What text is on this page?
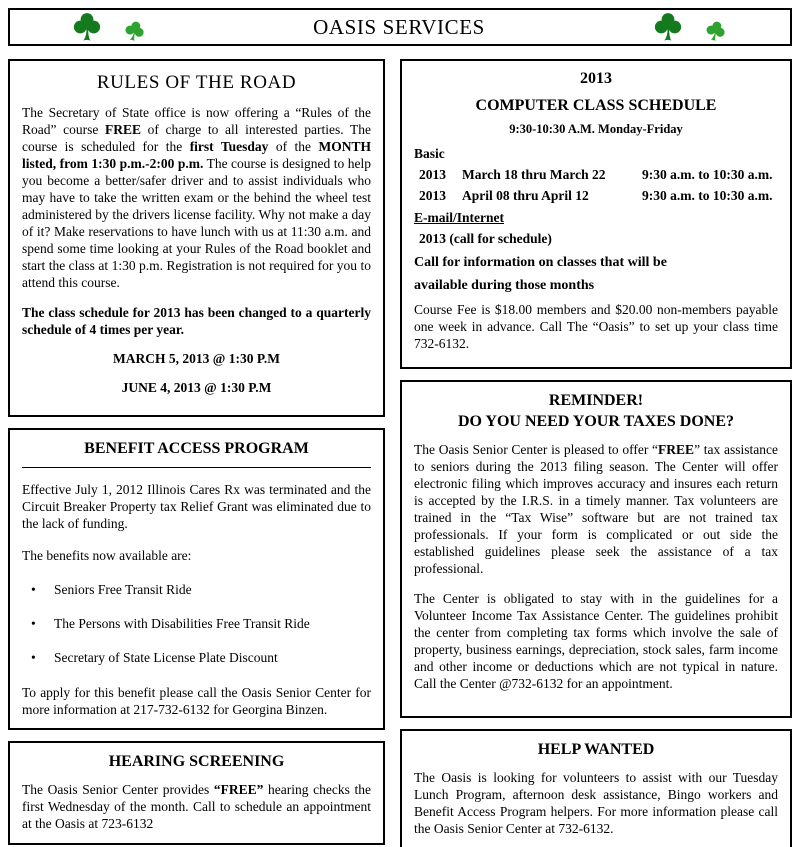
OASIS SERVICES
RULES OF THE ROAD

The Secretary of State office is now offering a “Rules of the Road” course FREE of charge to all interested parties. The course is scheduled for the first Tuesday of the MONTH listed, from 1:30 p.m.-2:00 p.m. The course is designed to help you become a better/safer driver and to assist individuals who may have to take the written exam or the behind the wheel test administered by the drivers license facility. Why not make a day of it? Make reservations to have lunch with us at 11:30 a.m. and spend some time looking at your Rules of the Road booklet and start the class at 1:30 p.m. Registration is not required for you to attend this course.

The class schedule for 2013 has been changed to a quarterly schedule of 4 times per year.

MARCH 5, 2013 @ 1:30 P.M

JUNE 4, 2013 @ 1:30 P.M

BENEFIT ACCESS PROGRAM

Effective July 1, 2012 Illinois Cares Rx was terminated and the Circuit Breaker Property tax Relief Grant was eliminated due to the lack of funding.

The benefits now available are:

• Seniors Free Transit Ride
• The Persons with Disabilities Free Transit Ride
• Secretary of State License Plate Discount

To apply for this benefit please call the Oasis Senior Center for more information at 217-732-6132 for Georgina Binzen.

HEARING SCREENING

The Oasis Senior Center provides “FREE” hearing checks the first Wednesday of the month. Call to schedule an appointment at the Oasis at 723-6132

2013
COMPUTER CLASS SCHEDULE
9:30-10:30 A.M. Monday-Friday
Basic
2013	March 18 thru March 22	9:30 a.m. to 10:30 a.m.
2013	April 08 thru April 12	9:30 a.m. to 10:30 a.m.
E-mail/Internet
2013 (call for schedule)
Call for information on classes that will be
available during those months

Course Fee is $18.00 members and $20.00 non-members payable one week in advance. Call The “Oasis” to set up your class time 732-6132.

REMINDER!
DO YOU NEED YOUR TAXES DONE?

The Oasis Senior Center is pleased to offer “FREE” tax assistance to seniors during the 2013 filing season. The Center will offer electronic filing which improves accuracy and insures each return is accepted by the I.R.S. in a timely manner. Tax volunteers are trained in the “Tax Wise” software but are not trained tax professionals. If your form is complicated or out side the established guidelines please seek the assistance of a tax professional.

The Center is obligated to stay with in the guidelines for a Volunteer Income Tax Assistance Center. The guidelines prohibit the center from completing tax forms which involve the sale of property, business earnings, depreciation, stock sales, farm income and other income or deductions which are not typical in nature. Call the Center @732-6132 for an appointment.

HELP WANTED

The Oasis is looking for volunteers to assist with our Tuesday Lunch Program, afternoon desk assistance, Bingo workers and Benefit Access Program helpers. For more information please call the Oasis Senior Center at 732-6132.
